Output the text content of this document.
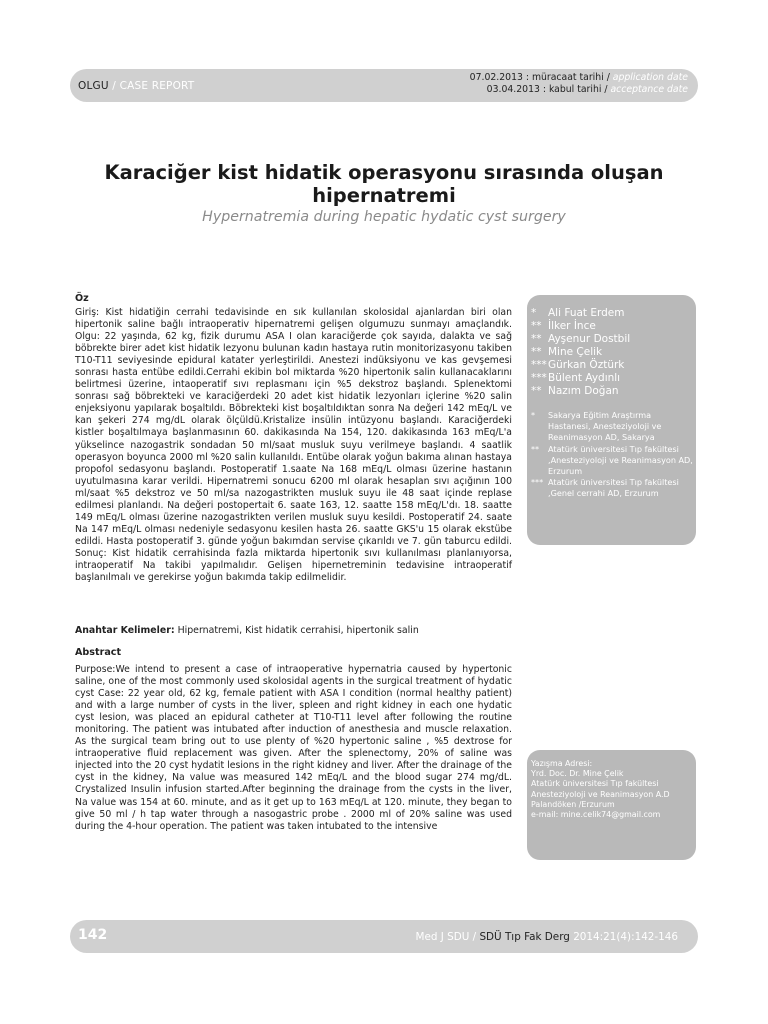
OLGU / CASE REPORT
07.02.2013 : müracaat tarihi / application date
03.04.2013 : kabul tarihi / acceptance date
Karaciğer kist hidatik operasyonu sırasında oluşan hipernatremi
Hypernatremia during hepatic hydatic cyst surgery
Öz
Giriş: Kist hidatiğin cerrahi tedavisinde en sık kullanılan skolosidal ajanlardan biri olan hipertonik saline bağlı intraoperativ hipernatremi gelişen olgumuzu sunmayı amaçlandık. Olgu: 22 yaşında, 62 kg, fizik durumu ASA I olan karaciğerde çok sayıda, dalakta ve sağ böbrekte birer adet kist hidatik lezyonu bulunan kadın hastaya rutin monitorizasyonu takiben T10-T11 seviyesinde epidural katater yerleştirildi. Anestezi indüksiyonu ve kas gevşemesi sonrası hasta entübe edildi.Cerrahi ekibin bol miktarda %20 hipertonik salin kullanacaklarını belirtmesi üzerine, intaoperatif sıvı replasmanı için %5 dekstroz başlandı. Splenektomi sonrası sağ böbrekteki ve karaciğerdeki 20 adet kist hidatik lezyonları içlerine %20 salin enjeksiyonu yapılarak boşaltıldı. Böbrekteki kist boşaltıldıktan sonra Na değeri 142 mEq/L ve kan şekeri 274 mg/dL olarak ölçüldü.Kristalize insülin intüzyonu başlandı. Karaciğerdeki kistler boşaltılmaya başlanmasının 60. dakikasında Na 154, 120. dakikasında 163 mEq/L'a yükselince nazogastrik sondadan 50 ml/saat musluk suyu verilmeye başlandı. 4 saatlik operasyon boyunca 2000 ml %20 salin kullanıldı. Entübe olarak yoğun bakıma alınan hastaya propofol sedasyonu başlandı. Postoperatif 1.saate Na 168 mEq/L olması üzerine hastanın uyutulmasına karar verildi. Hipernatremi sonucu 6200 ml olarak hesaplan sıvı açığının 100 ml/saat %5 dekstroz ve 50 ml/sa nazogastrikten musluk suyu ile 48 saat içinde replase edilmesi planlandı. Na değeri postopertait 6. saate 163, 12. saatte 158 mEq/L'dı. 18. saatte 149 mEq/L olması üzerine nazogastrikten verilen musluk suyu kesildi. Postoperatif 24. saate Na 147 mEq/L olması nedeniyle sedasyonu kesilen hasta 26. saatte GKS'u 15 olarak ekstübe edildi. Hasta postoperatif 3. günde yoğun bakımdan servise çıkarıldı ve 7. gün taburcu edildi. Sonuç: Kist hidatik cerrahisinda fazla miktarda hipertonik sıvı kullanılması planlanıyorsa, intraoperatif Na takibi yapılmalıdır. Gelişen hipernetreminin tedavisine intraoperatif başlanılmalı ve gerekirse yoğun bakımda takip edilmelidir.
Anahtar Kelimeler: Hipernatremi, Kist hidatik cerrahisi, hipertonik salin
Abstract
Purpose:We intend to present a case of intraoperative hypernatria caused by hypertonic saline, one of the most commonly used skolosidal agents in the surgical treatment of hydatic cyst Case: 22 year old, 62 kg, female patient with ASA I condition (normal healthy patient) and with a large number of cysts in the liver, spleen and right kidney in each one hydatic cyst lesion, was placed an epidural catheter at T10-T11 level after following the routine monitoring. The patient was intubated after induction of anesthesia and muscle relaxation. As the surgical team bring out to use plenty of %20 hypertonic saline , %5 dextrose for intraoperative fluid replacement was given. After the splenectomy, 20% of saline was injected into the 20 cyst hydatit lesions in the right kidney and liver. After the drainage of the cyst in the kidney, Na value was measured 142 mEq/L and the blood sugar 274 mg/dL. Crystalized Insulin infusion started.After beginning the drainage from the cysts in the liver, Na value was 154 at 60. minute, and as it get up to 163 mEq/L at 120. minute, they began to give 50 ml / h tap water through a nasogastric probe . 2000 ml of 20% saline was used during the 4-hour operation. The patient was taken intubated to the intensive
*	Ali Fuat Erdem
** İlker İnce
** Ayşenur Dostbil
** Mine Çelik
*** Gürkan Öztürk
*** Bülent Aydınlı
** Nazım Doğan
*	Sakarya Eğitim Araştırma Hastanesi, Anesteziyoloji ve Reanimasyon AD, Sakarya
**	Atatürk üniversitesi Tıp fakültesi ,Anesteziyoloji ve Reanimasyon AD, Erzurum
*** Atatürk üniversitesi Tıp fakültesi ,Genel cerrahi AD, Erzurum
Yazışma Adresi:
Yrd. Doc. Dr. Mine Çelik
Atatürk üniversitesi Tıp fakültesi
Anesteziyoloji ve Reanimasyon A.D
Palandöken /Erzurum
e-mail: mine.celik74@gmail.com
142	Med J SDU / SDÜ Tıp Fak Derg 2014:21(4):142-146
